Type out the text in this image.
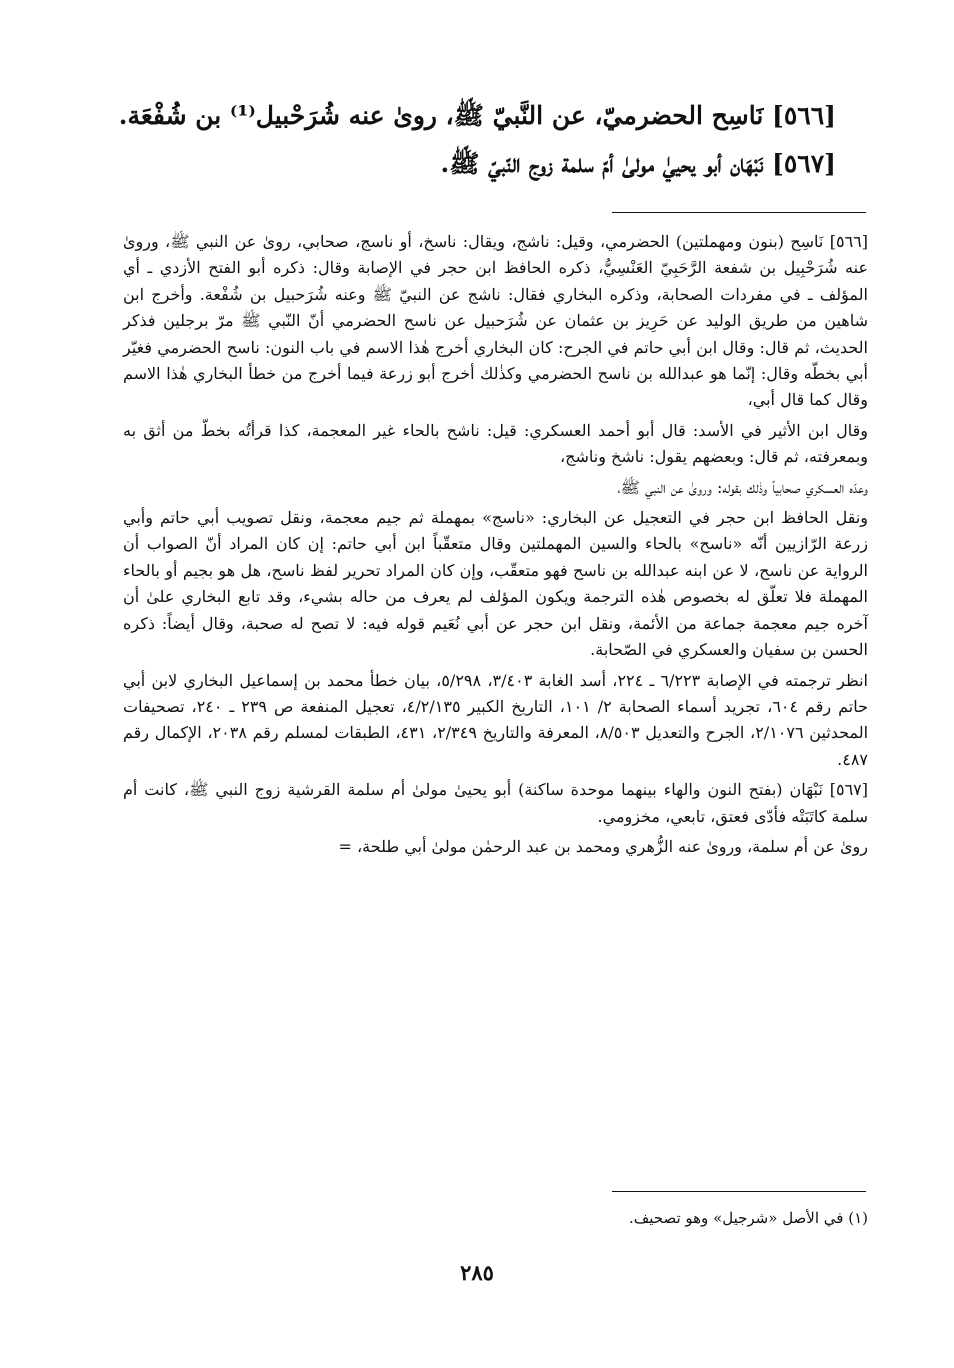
[٥٦٦] نَاسِح الحضرميّ، عن النَّبيّ ﷺ، روىٰ عنه شُرَحْبيل⁽¹⁾ بن شُفْعَة.
[٥٦٧] نَبْهَان أبو يحييٰ مولىٰ أمّ سلمة زوج النّبيّ ﷺ.

[٥٦٦] نَاسِح (بنون ومهملتين) الحضرمي، وقيل: ناشج، ويقال: ناسخ، أو ناسج، صحابي، روىٰ عن النبي ﷺ، وروىٰ عنه شُرَحْبِيل بن شفعة الرَّحَبِيّ العَنْسِيُّ، ذكره الحافظ ابن حجر في الإصابة وقال: ذكره أبو الفتح الأزدي ـ أي المؤلف ـ في مفردات الصحابة، وذكره البخاري فقال: ناشج عن النبيّ ﷺ وعنه شُرَحبيل بن شُفْعة. وأخرج ابن شاهين من طريق الوليد عن حَرِيز بن عثمان عن شُرَحبيل عن ناسح الحضرمي أنّ النّبي ﷺ مرّ برجلين فذكر الحديث، ثم قال: وقال ابن أبي حاتم في الجرح: كان البخاري أخرج هٰذا الاسم في باب النون: ناسح الحضرمي فغيّر أبي بخطّه وقال: إنّما هو عبدالله بن ناسح الحضرمي وكذٰلك أخرج أبو زرعة فيما أخرج من خطأ البخاري هٰذا الاسم وقال كما قال أبي،

وقال ابن الأثير في الأسد: قال أبو أحمد العسكري: قيل: ناشح بالحاء غير المعجمة، كذا قرأتُه بخطّ من أثق به وبمعرفته، ثم قال: وبعضهم يقول: ناشخ وناشج،

وعدّه العسكري صحابياً وذٰلك بقوله: وروىٰ عن النبي ﷺ،

ونقل الحافظ ابن حجر في التعجيل عن البخاري: «ناسج» بمهملة ثم جيم معجمة، ونقل تصويب أبي حاتم وأبي زرعة الرّازيين أنّه «ناسح» بالحاء والسين المهملتين وقال متعقّباً ابن أبي حاتم: إن كان المراد أنّ الصواب أن الرواية عن ناسح، لا عن ابنه عبدالله بن ناسح فهو متعقّب، وإن كان المراد تحرير لفظ ناسح، هل هو بجيم أو بالحاء المهملة فلا تعلّق له بخصوص هٰذه الترجمة ويكون المؤلف لم يعرف من حاله بشيء، وقد تابع البخاري علىٰ أن آخره جيم معجمة جماعة من الأئمة، ونقل ابن حجر عن أبي نُعَيم قوله فيه: لا تصح له صحبة، وقال أيضاً: ذكره الحسن بن سفيان والعسكري في الصّحابة.

انظر ترجمته في الإصابة ٦/٢٢٣ ـ ٢٢٤، أسد الغابة ٣/٤٠٣، ٥/٢٩٨، بيان خطأ محمد بن إسماعيل البخاري لابن أبي حاتم رقم ٦٠٤، تجريد أسماء الصحابة ٢/ ١٠١، التاريخ الكبير ٤/٢/١٣٥، تعجيل المنفعة ص ٢٣٩ ـ ٢٤٠، تصحيفات المحدثين ٢/١٠٧٦، الجرح والتعديل ٨/٥٠٣، المعرفة والتاريخ ٢/٣٤٩، ٤٣١، الطبقات لمسلم رقم ٢٠٣٨، الإكمال رقم ٤٨٧.

[٥٦٧] نَبْهَان (بفتح النون والهاء بينهما موحدة ساكنة) أبو يحيىٰ مولىٰ أم سلمة القرشية زوج النبي ﷺ، كانت أم سلمة كاتَبَتْه فأدّى فعتق، تابعي، مخزومي.

روىٰ عن أم سلمة، وروىٰ عنه الزُّهري ومحمد بن عبد الرحمٰن مولىٰ أبي طلحة، =

(١) في الأصل «شرجيل» وهو تصحيف.
٢٨٥
